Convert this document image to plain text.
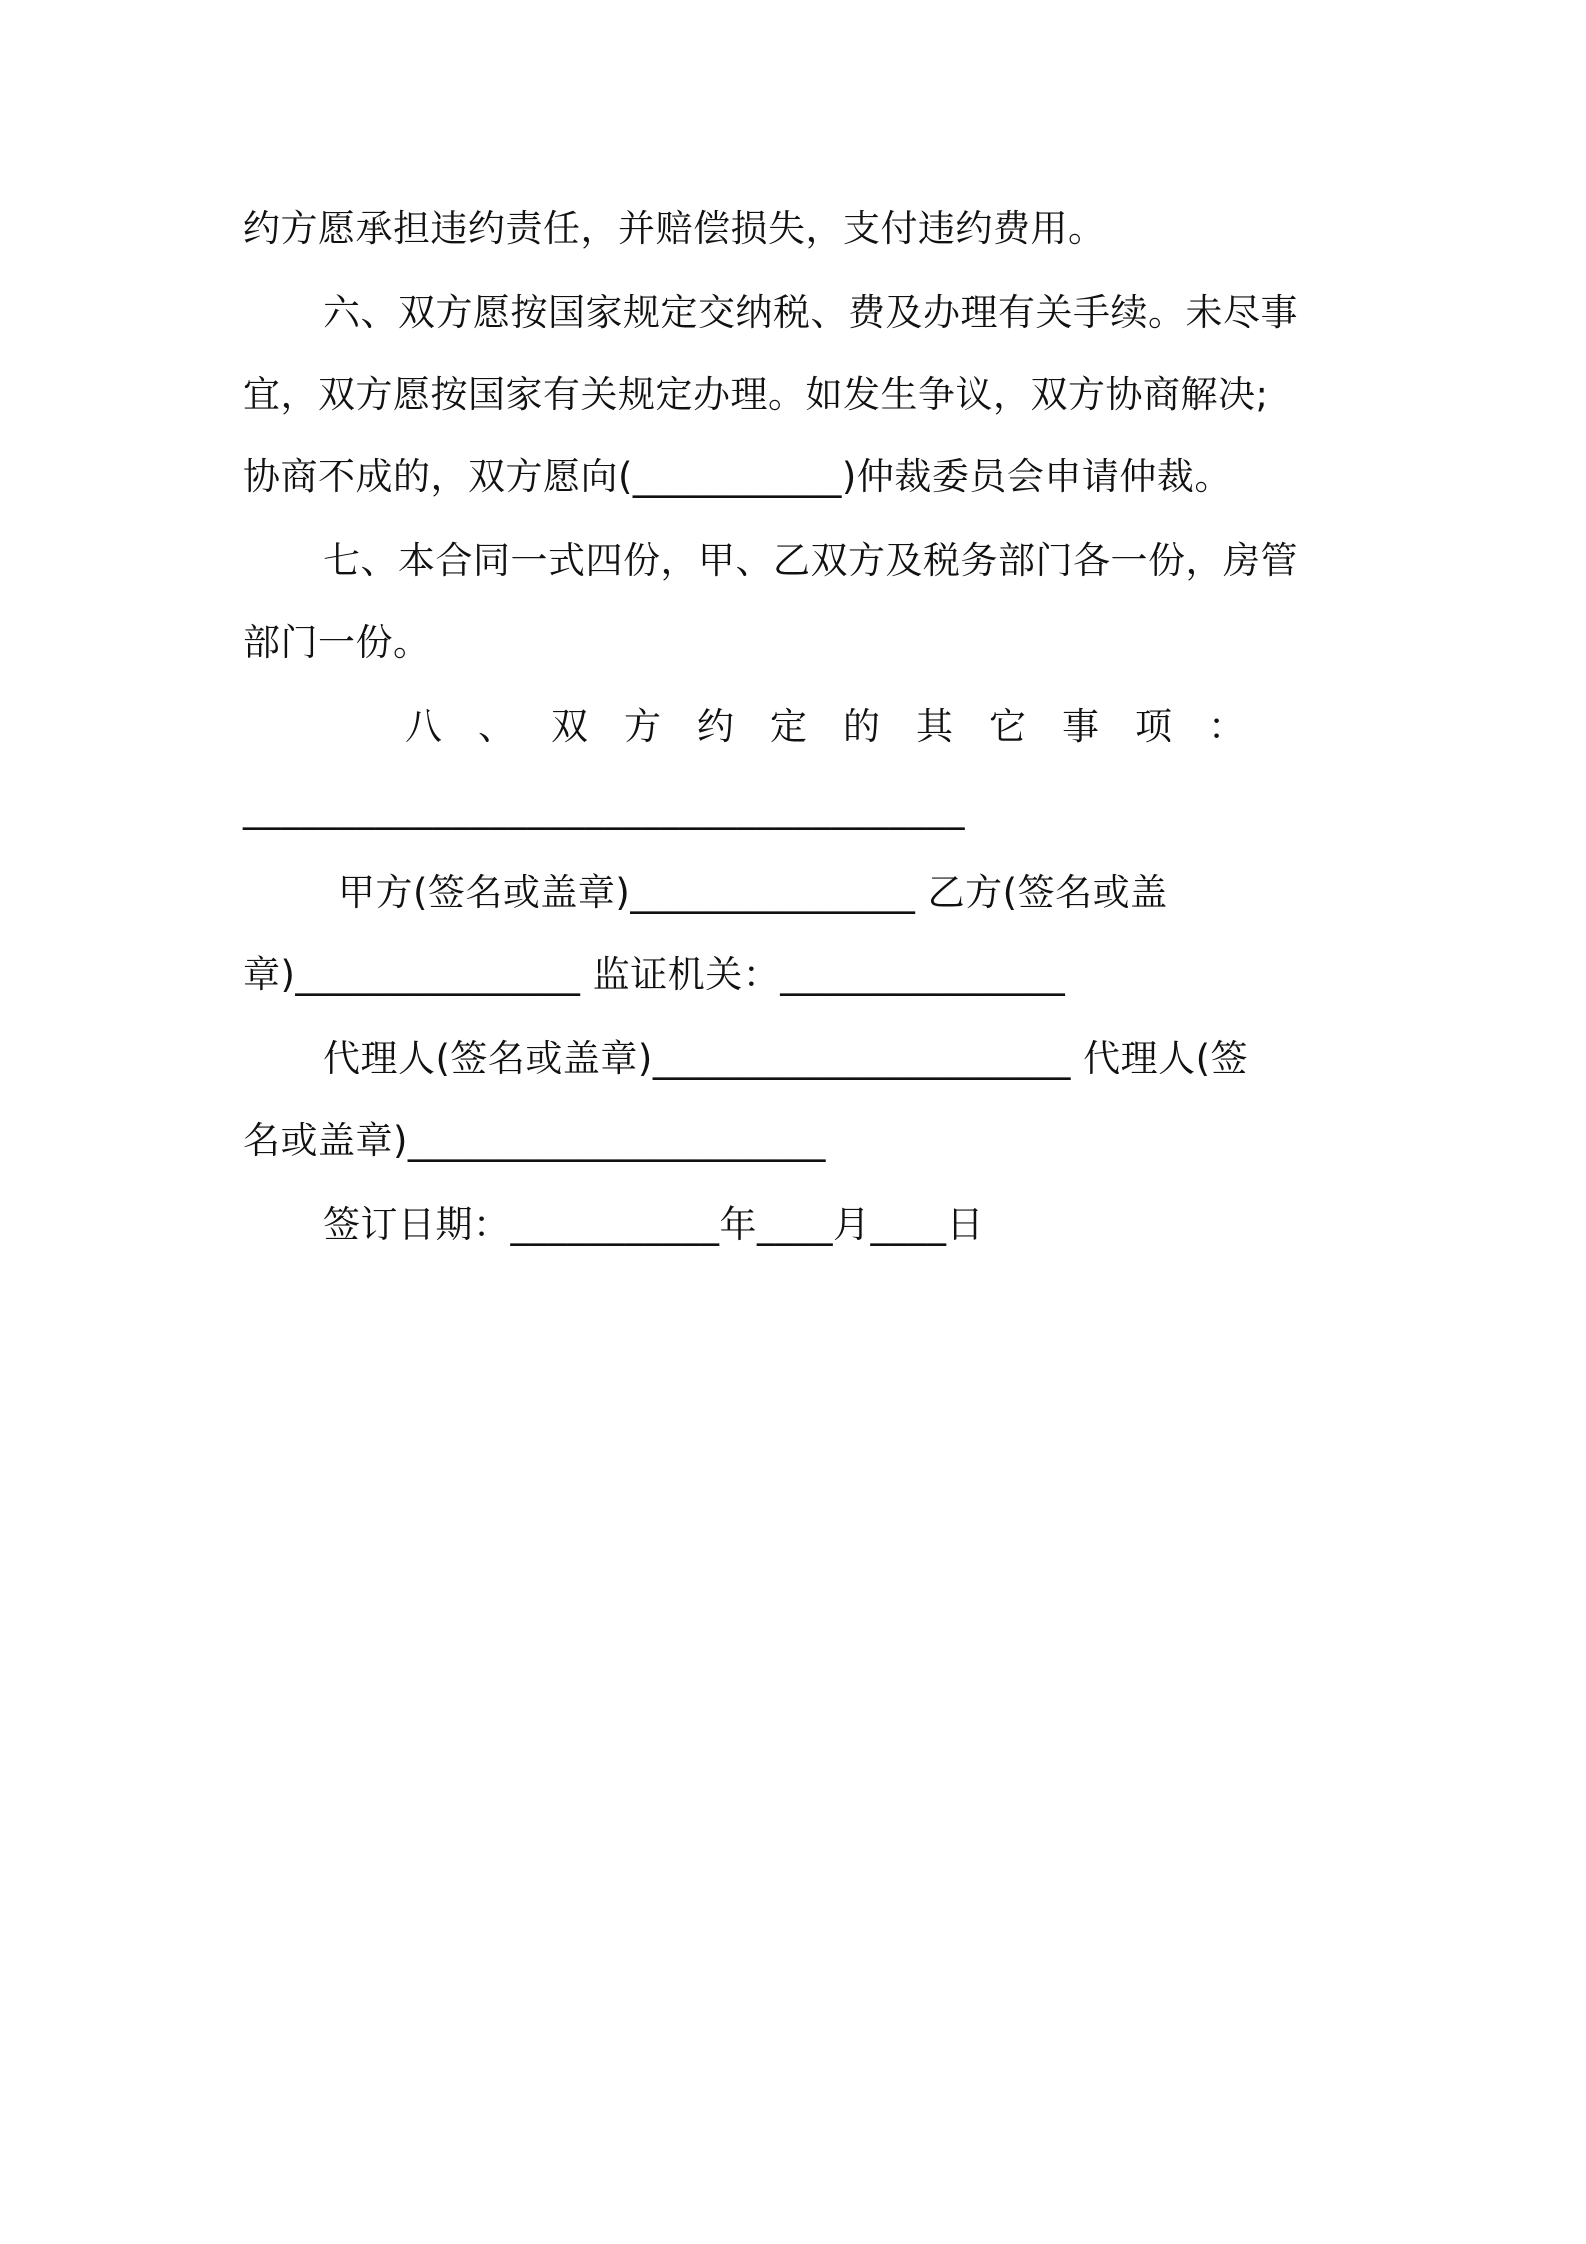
约方愿承担违约责任，并赔偿损失，支付违约费用。
六、双方愿按国家规定交纳税、费及办理有关手续。未尽事
宜，双方愿按国家有关规定办理。如发生争议，双方协商解决;
协商不成的，双方愿向(___________)仲裁委员会申请仲裁。
七、本合同一式四份，甲、乙双方及税务部门各一份，房管
部门一份。
八、双方约定的其它事项：
______________________________________
甲方(签名或盖章)_______________ 乙方(签名或盖
章)_______________ 监证机关：_______________
代理人(签名或盖章)______________________ 代理人(签
名或盖章)______________________
签订日期：___________年____月____日
